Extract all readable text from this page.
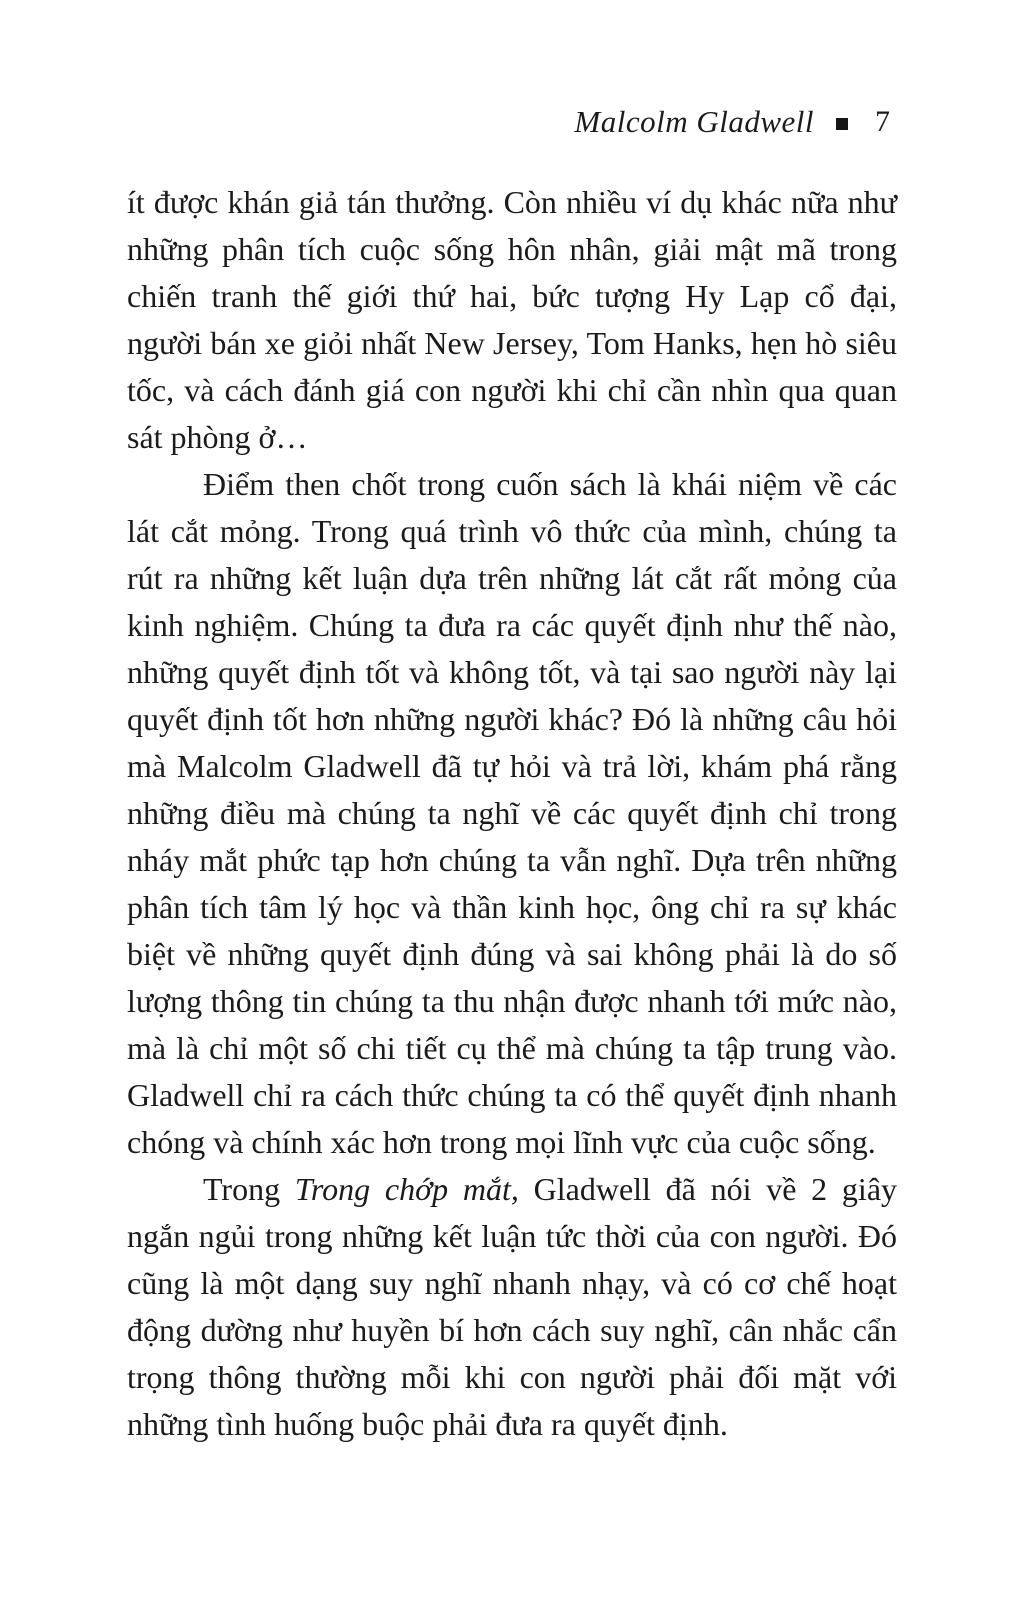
Malcolm Gladwell 7

ít được khán giả tán thưởng. Còn nhiều ví dụ khác nữa như những phân tích cuộc sống hôn nhân, giải mật mã trong chiến tranh thế giới thứ hai, bức tượng Hy Lạp cổ đại, người bán xe giỏi nhất New Jersey, Tom Hanks, hẹn hò siêu tốc, và cách đánh giá con người khi chỉ cần nhìn qua quan sát phòng ở…

Điểm then chốt trong cuốn sách là khái niệm về các lát cắt mỏng. Trong quá trình vô thức của mình, chúng ta rút ra những kết luận dựa trên những lát cắt rất mỏng của kinh nghiệm. Chúng ta đưa ra các quyết định như thế nào, những quyết định tốt và không tốt, và tại sao người này lại quyết định tốt hơn những người khác? Đó là những câu hỏi mà Malcolm Gladwell đã tự hỏi và trả lời, khám phá rằng những điều mà chúng ta nghĩ về các quyết định chỉ trong nháy mắt phức tạp hơn chúng ta vẫn nghĩ. Dựa trên những phân tích tâm lý học và thần kinh học, ông chỉ ra sự khác biệt về những quyết định đúng và sai không phải là do số lượng thông tin chúng ta thu nhận được nhanh tới mức nào, mà là chỉ một số chi tiết cụ thể mà chúng ta tập trung vào. Gladwell chỉ ra cách thức chúng ta có thể quyết định nhanh chóng và chính xác hơn trong mọi lĩnh vực của cuộc sống.

Trong Trong chớp mắt, Gladwell đã nói về 2 giây ngắn ngủi trong những kết luận tức thời của con người. Đó cũng là một dạng suy nghĩ nhanh nhạy, và có cơ chế hoạt động dường như huyền bí hơn cách suy nghĩ, cân nhắc cẩn trọng thông thường mỗi khi con người phải đối mặt với những tình huống buộc phải đưa ra quyết định.
